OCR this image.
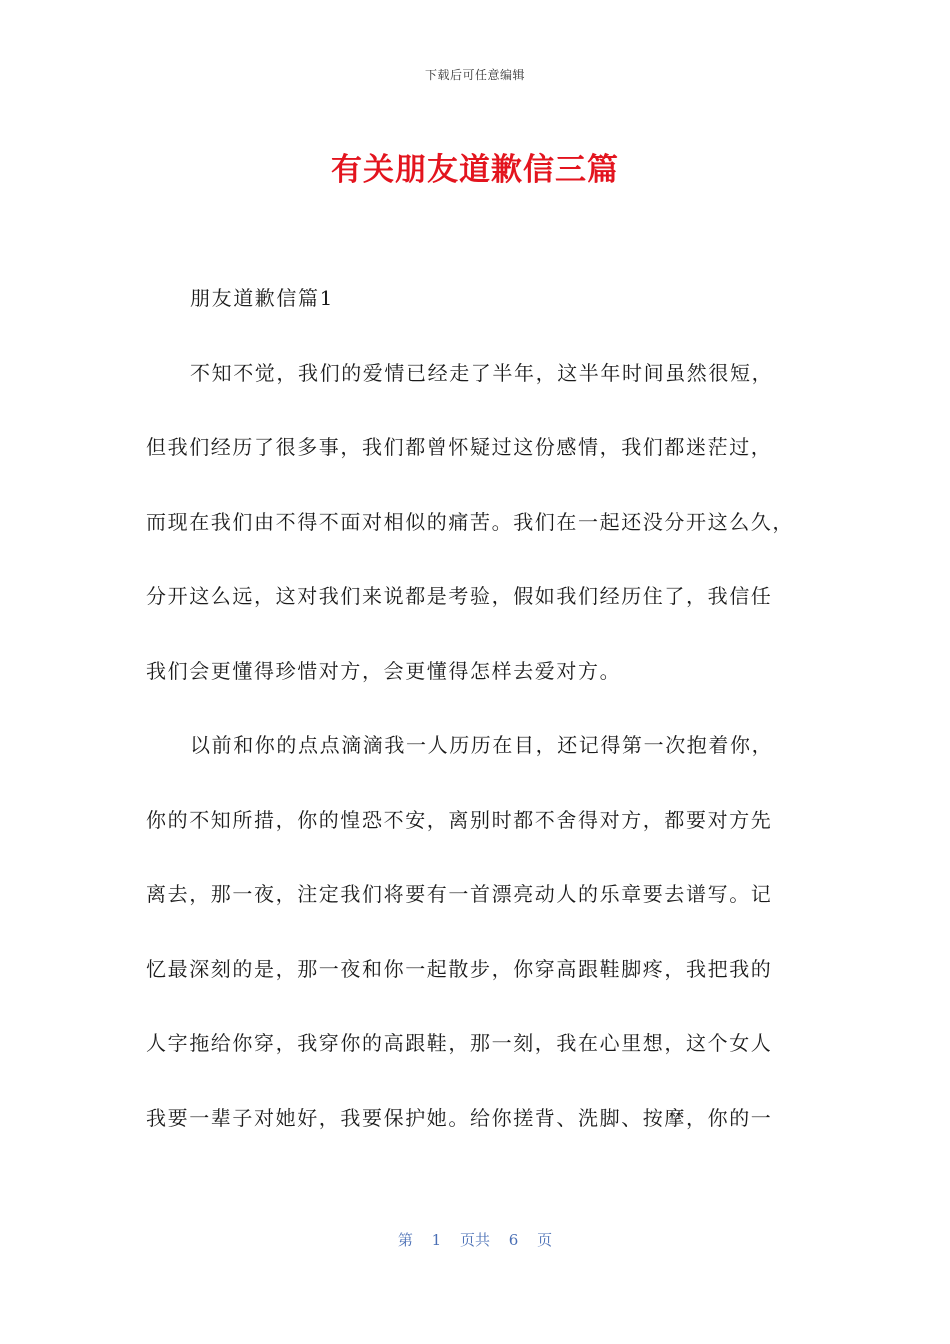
下载后可任意编辑
有关朋友道歉信三篇
朋友道歉信篇1
不知不觉，我们的爱情已经走了半年，这半年时间虽然很短，
但我们经历了很多事，我们都曾怀疑过这份感情，我们都迷茫过，
而现在我们由不得不面对相似的痛苦。我们在一起还没分开这么久，
分开这么远，这对我们来说都是考验，假如我们经历住了，我信任
我们会更懂得珍惜对方，会更懂得怎样去爱对方。
以前和你的点点滴滴我一人历历在目，还记得第一次抱着你，
你的不知所措，你的惶恐不安，离别时都不舍得对方，都要对方先
离去，那一夜，注定我们将要有一首漂亮动人的乐章要去谱写。记
忆最深刻的是，那一夜和你一起散步，你穿高跟鞋脚疼，我把我的
人字拖给你穿，我穿你的高跟鞋，那一刻，我在心里想，这个女人
我要一辈子对她好，我要保护她。给你搓背、洗脚、按摩，你的一
第 1 页共 6 页
